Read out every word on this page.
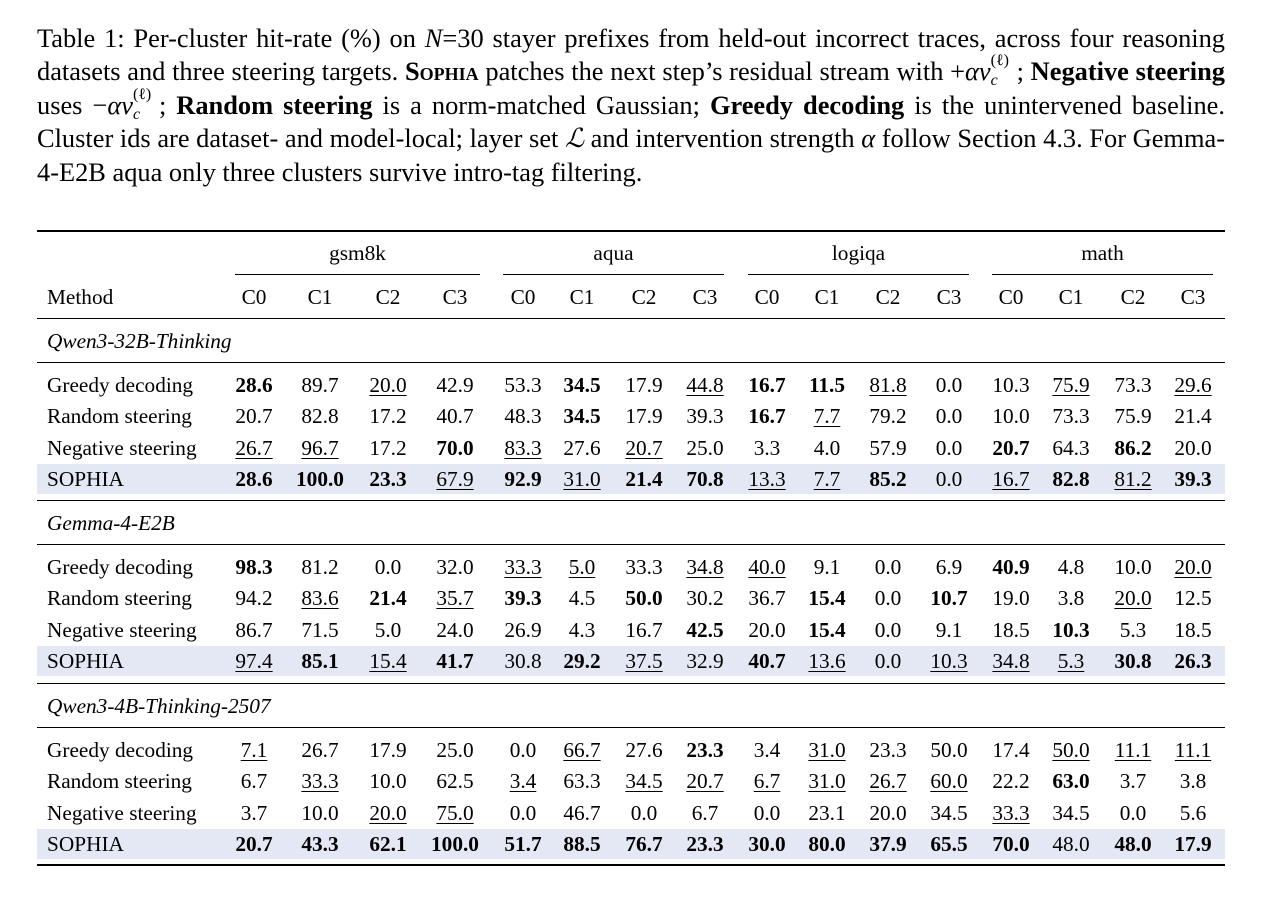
Table 1: Per-cluster hit-rate (%) on N=30 stayer prefixes from held-out incorrect traces, across four reasoning datasets and three steering targets. Sophia patches the next step’s residual stream with +αv (ℓ)
c ; Negative steering uses −αv (ℓ)
c ; Random steering is a norm-matched Gaussian; Greedy decoding is the unintervened baseline. Cluster ids are dataset- and model-local; layer set ℒ and intervention strength α follow Section 4.3. For Gemma-4-E2B aqua only three clusters survive intro-tag filtering.
gsm8k	aqua	logiqa	math
Method	C0	C1	C2	C3	C0	C1	C2	C3	C0	C1	C2	C3	C0	C1	C2	C3
Qwen3-32B-Thinking
Greedy decoding	28.6	89.7	20.0	42.9	53.3	34.5	17.9	44.8	16.7	11.5	81.8	0.0	10.3	75.9	73.3	29.6
Random steering	20.7	82.8	17.2	40.7	48.3	34.5	17.9	39.3	16.7	7.7	79.2	0.0	10.0	73.3	75.9	21.4
Negative steering	26.7	96.7	17.2	70.0	83.3	27.6	20.7	25.0	3.3	4.0	57.9	0.0	20.7	64.3	86.2	20.0
SOPHIA	28.6	100.0	23.3	67.9	92.9	31.0	21.4	70.8	13.3	7.7	85.2	0.0	16.7	82.8	81.2	39.3
Gemma-4-E2B
Greedy decoding	98.3	81.2	0.0	32.0	33.3	5.0	33.3	34.8	40.0	9.1	0.0	6.9	40.9	4.8	10.0	20.0
Random steering	94.2	83.6	21.4	35.7	39.3	4.5	50.0	30.2	36.7	15.4	0.0	10.7	19.0	3.8	20.0	12.5
Negative steering	86.7	71.5	5.0	24.0	26.9	4.3	16.7	42.5	20.0	15.4	0.0	9.1	18.5	10.3	5.3	18.5
SOPHIA	97.4	85.1	15.4	41.7	30.8	29.2	37.5	32.9	40.7	13.6	0.0	10.3	34.8	5.3	30.8	26.3
Qwen3-4B-Thinking-2507
Greedy decoding	7.1	26.7	17.9	25.0	0.0	66.7	27.6	23.3	3.4	31.0	23.3	50.0	17.4	50.0	11.1	11.1
Random steering	6.7	33.3	10.0	62.5	3.4	63.3	34.5	20.7	6.7	31.0	26.7	60.0	22.2	63.0	3.7	3.8
Negative steering	3.7	10.0	20.0	75.0	0.0	46.7	0.0	6.7	0.0	23.1	20.0	34.5	33.3	34.5	0.0	5.6
SOPHIA	20.7	43.3	62.1	100.0	51.7	88.5	76.7	23.3	30.0	80.0	37.9	65.5	70.0	48.0	48.0	17.9
